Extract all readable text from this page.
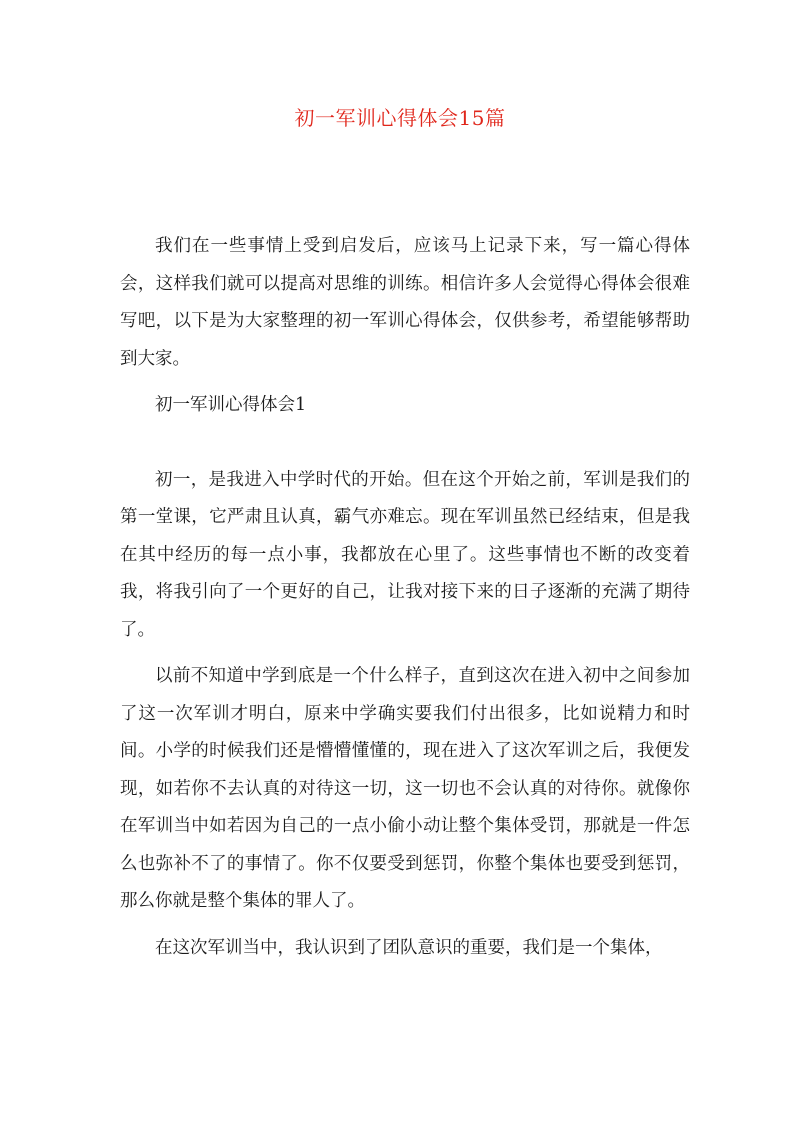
初一军训心得体会15篇

我们在一些事情上受到启发后，应该马上记录下来，写一篇心得体会，这样我们就可以提高对思维的训练。相信许多人会觉得心得体会很难写吧，以下是为大家整理的初一军训心得体会，仅供参考，希望能够帮助到大家。

初一军训心得体会1

初一，是我进入中学时代的开始。但在这个开始之前，军训是我们的第一堂课，它严肃且认真，霸气亦难忘。现在军训虽然已经结束，但是我在其中经历的每一点小事，我都放在心里了。这些事情也不断的改变着我，将我引向了一个更好的自己，让我对接下来的日子逐渐的充满了期待了。

以前不知道中学到底是一个什么样子，直到这次在进入初中之间参加了这一次军训才明白，原来中学确实要我们付出很多，比如说精力和时间。小学的时候我们还是懵懵懂懂的，现在进入了这次军训之后，我便发现，如若你不去认真的对待这一切，这一切也不会认真的对待你。就像你在军训当中如若因为自己的一点小偷小动让整个集体受罚，那就是一件怎么也弥补不了的事情了。你不仅要受到惩罚，你整个集体也要受到惩罚，那么你就是整个集体的罪人了。

在这次军训当中，我认识到了团队意识的重要，我们是一个集体，
